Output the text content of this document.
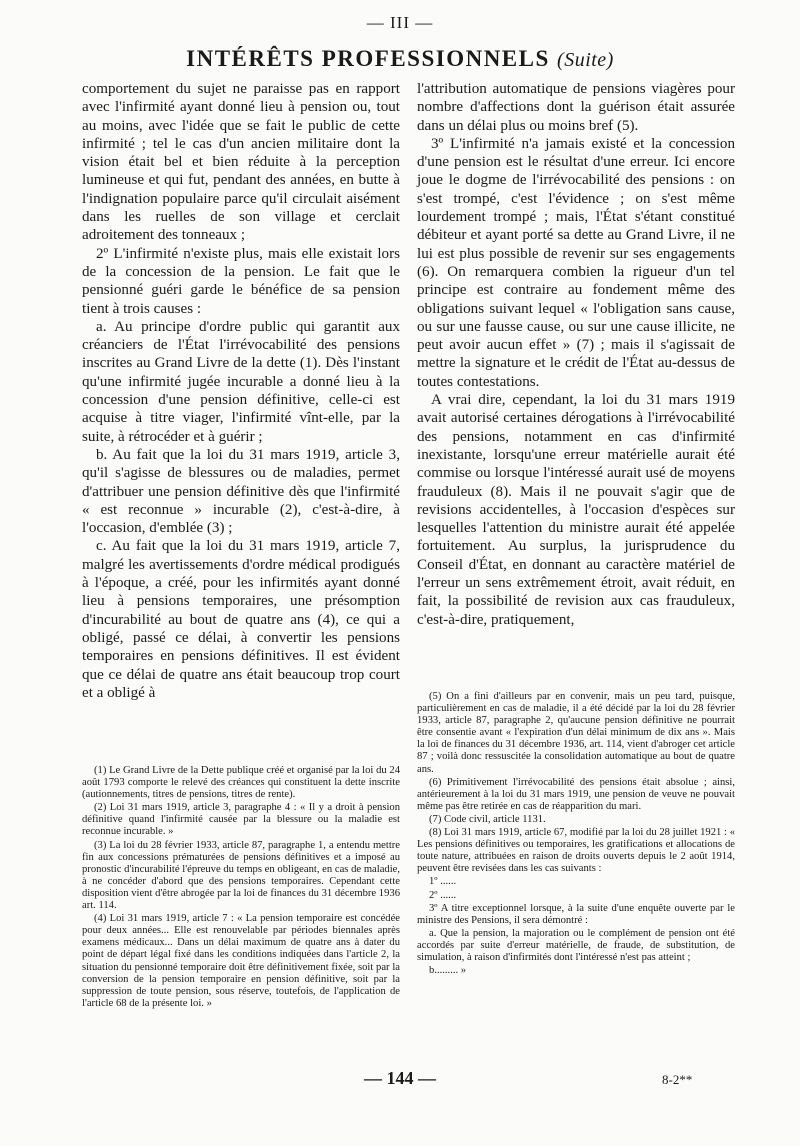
— III —
INTÉRÊTS PROFESSIONNELS (Suite)

comportement du sujet ne paraisse pas en rapport avec l'infirmité ayant donné lieu à pension ou, tout au moins, avec l'idée que se fait le public de cette infirmité ; tel le cas d'un ancien militaire dont la vision était bel et bien réduite à la perception lumineuse et qui fut, pendant des années, en butte à l'indignation populaire parce qu'il circulait aisément dans les ruelles de son village et cerclait adroitement des tonneaux ;

2º L'infirmité n'existe plus, mais elle existait lors de la concession de la pension. Le fait que le pensionné guéri garde le bénéfice de sa pension tient à trois causes :

a. Au principe d'ordre public qui garantit aux créanciers de l'État l'irrévocabilité des pensions inscrites au Grand Livre de la dette (1). Dès l'instant qu'une infirmité jugée incurable a donné lieu à la concession d'une pension définitive, celle-ci est acquise à titre viager, l'infirmité vînt-elle, par la suite, à rétrocéder et à guérir ;

b. Au fait que la loi du 31 mars 1919, article 3, qu'il s'agisse de blessures ou de maladies, permet d'attribuer une pension définitive dès que l'infirmité « est reconnue » incurable (2), c'est-à-dire, à l'occasion, d'emblée (3) ;

c. Au fait que la loi du 31 mars 1919, article 7, malgré les avertissements d'ordre médical prodigués à l'époque, a créé, pour les infirmités ayant donné lieu à pensions temporaires, une présomption d'incurabilité au bout de quatre ans (4), ce qui a obligé, passé ce délai, à convertir les pensions temporaires en pensions définitives. Il est évident que ce délai de quatre ans était beaucoup trop court et a obligé à

l'attribution automatique de pensions viagères pour nombre d'affections dont la guérison était assurée dans un délai plus ou moins bref (5).

3º L'infirmité n'a jamais existé et la concession d'une pension est le résultat d'une erreur. Ici encore joue le dogme de l'irrévocabilité des pensions : on s'est trompé, c'est l'évidence ; on s'est même lourdement trompé ; mais, l'État s'étant constitué débiteur et ayant porté sa dette au Grand Livre, il ne lui est plus possible de revenir sur ses engagements (6). On remarquera combien la rigueur d'un tel principe est contraire au fondement même des obligations suivant lequel « l'obligation sans cause, ou sur une fausse cause, ou sur une cause illicite, ne peut avoir aucun effet » (7) ; mais il s'agissait de mettre la signature et le crédit de l'État au-dessus de toutes contestations.

A vrai dire, cependant, la loi du 31 mars 1919 avait autorisé certaines dérogations à l'irrévocabilité des pensions, notamment en cas d'infirmité inexistante, lorsqu'une erreur matérielle aurait été commise ou lorsque l'intéressé aurait usé de moyens frauduleux (8). Mais il ne pouvait s'agir que de revisions accidentelles, à l'occasion d'espèces sur lesquelles l'attention du ministre aurait été appelée fortuitement. Au surplus, la jurisprudence du Conseil d'État, en donnant au caractère matériel de l'erreur un sens extrêmement étroit, avait réduit, en fait, la possibilité de revision aux cas frauduleux, c'est-à-dire, pratiquement,

(1) Le Grand Livre de la Dette publique créé et organisé par la loi du 24 août 1793 comporte le relevé des créances qui constituent la dette inscrite (autionnements, titres de pensions, titres de rente).

(2) Loi 31 mars 1919, article 3, paragraphe 4 : « Il y a droit à pension définitive quand l'infirmité causée par la blessure ou la maladie est reconnue incurable. »

(3) La loi du 28 février 1933, article 87, paragraphe 1, a entendu mettre fin aux concessions prématurées de pensions définitives et a imposé au pronostic d'incurabilité l'épreuve du temps en obligeant, en cas de maladie, à ne concéder d'abord que des pensions temporaires. Cependant cette disposition vient d'être abrogée par la loi de finances du 31 décembre 1936 art. 114.

(4) Loi 31 mars 1919, article 7 : « La pension temporaire est concédée pour deux années... Elle est renouvelable par périodes biennales après examens médicaux... Dans un délai maximum de quatre ans à dater du point de départ légal fixé dans les conditions indiquées dans l'article 2, la situation du pensionné temporaire doit être définitivement fixée, soit par la conversion de la pension temporaire en pension définitive, soit par la suppression de toute pension, sous réserve, toutefois, de l'application de l'article 68 de la présente loi. »

(5) On a fini d'ailleurs par en convenir, mais un peu tard, puisque, particulièrement en cas de maladie, il a été décidé par la loi du 28 février 1933, article 87, paragraphe 2, qu'aucune pension définitive ne pourrait être consentie avant « l'expiration d'un délai minimum de dix ans ». Mais la loi de finances du 31 décembre 1936, art. 114, vient d'abroger cet article 87 ; voilà donc ressuscitée la consolidation automatique au bout de quatre ans.

(6) Primitivement l'irrévocabilité des pensions était absolue ; ainsi, antérieurement à la loi du 31 mars 1919, une pension de veuve ne pouvait même pas être retirée en cas de réapparition du mari.

(7) Code civil, article 1131.

(8) Loi 31 mars 1919, article 67, modifié par la loi du 28 juillet 1921 : « Les pensions définitives ou temporaires, les gratifications et allocations de toute nature, attribuées en raison de droits ouverts depuis le 2 août 1914, peuvent être revisées dans les cas suivants :

1º ......

2º ......

3º A titre exceptionnel lorsque, à la suite d'une enquête ouverte par le ministre des Pensions, il sera démontré :

a. Que la pension, la majoration ou le complément de pension ont été accordés par suite d'erreur matérielle, de fraude, de substitution, de simulation, à raison d'infirmités dont l'intéressé n'est pas atteint ;

b......... »

— 144 —	8-2**
